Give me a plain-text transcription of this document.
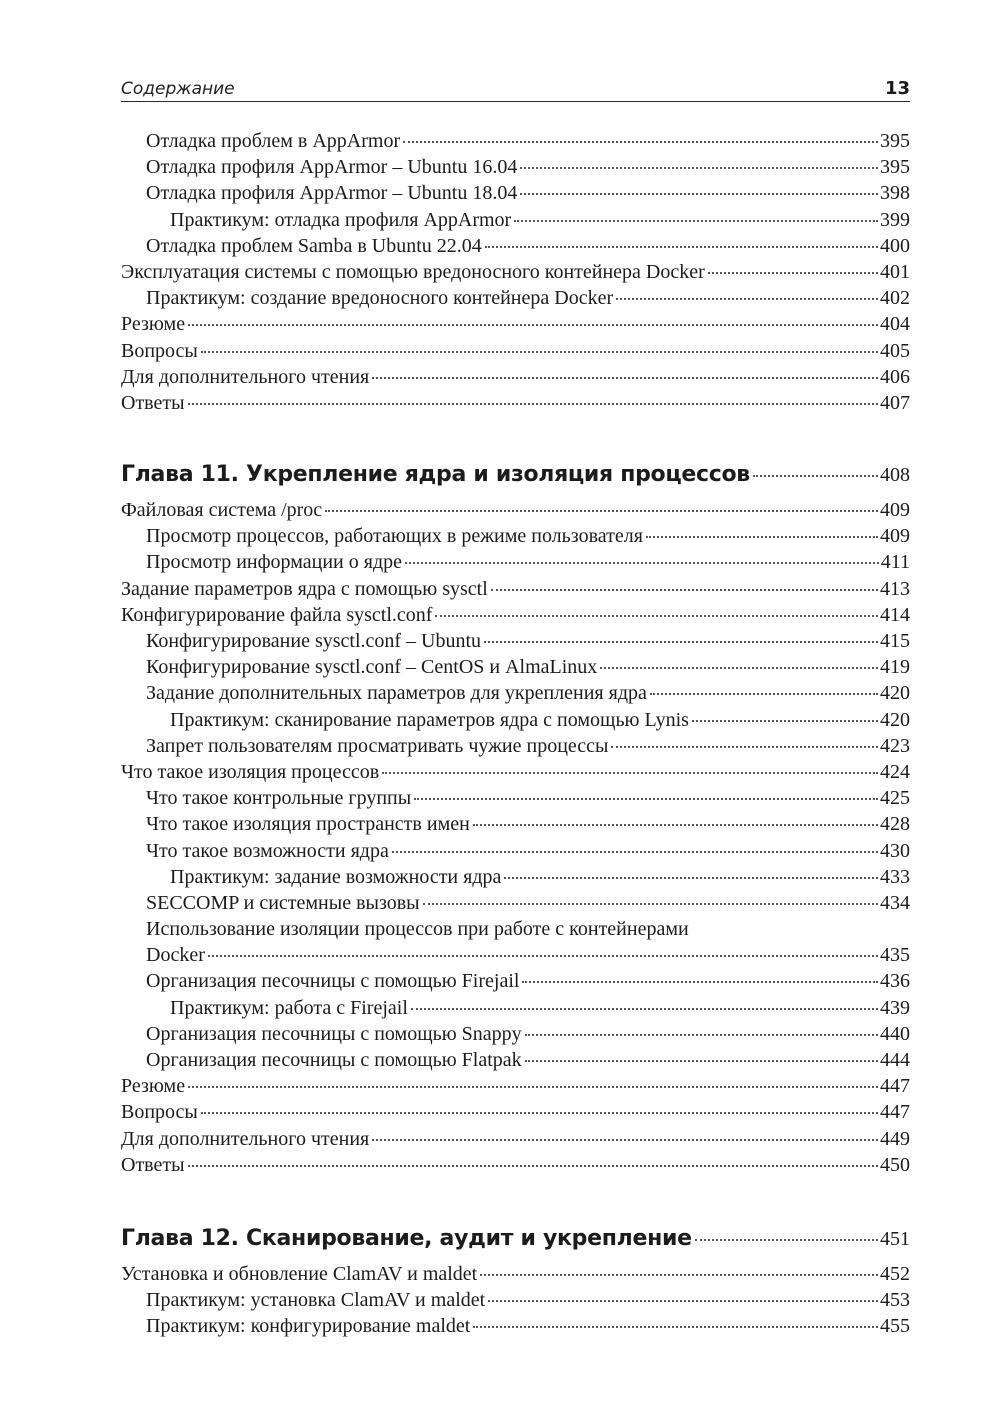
Содержание	13
Отладка проблем в AppArmor	395
Отладка профиля AppArmor – Ubuntu 16.04	395
Отладка профиля AppArmor – Ubuntu 18.04	398
Практикум: отладка профиля AppArmor	399
Отладка проблем Samba в Ubuntu 22.04	400
Эксплуатация системы с помощью вредоносного контейнера Docker	401
Практикум: создание вредоносного контейнера Docker	402
Резюме	404
Вопросы	405
Для дополнительного чтения	406
Ответы	407
Глава 11. Укрепление ядра и изоляция процессов	408
Файловая система /proc	409
Просмотр процессов, работающих в режиме пользователя	409
Просмотр информации о ядре	411
Задание параметров ядра с помощью sysctl	413
Конфигурирование файла sysctl.conf	414
Конфигурирование sysctl.conf – Ubuntu	415
Конфигурирование sysctl.conf – CentOS и AlmaLinux	419
Задание дополнительных параметров для укрепления ядра	420
Практикум: сканирование параметров ядра с помощью Lynis	420
Запрет пользователям просматривать чужие процессы	423
Что такое изоляция процессов	424
Что такое контрольные группы	425
Что такое изоляция пространств имен	428
Что такое возможности ядра	430
Практикум: задание возможности ядра	433
SECCOMP и системные вызовы	434
Использование изоляции процессов при работе с контейнерами
Docker	435
Организация песочницы с помощью Firejail	436
Практикум: работа с Firejail	439
Организация песочницы с помощью Snappy	440
Организация песочницы с помощью Flatpak	444
Резюме	447
Вопросы	447
Для дополнительного чтения	449
Ответы	450
Глава 12. Сканирование, аудит и укрепление	451
Установка и обновление ClamAV и maldet	452
Практикум: установка ClamAV и maldet	453
Практикум: конфигурирование maldet	455
